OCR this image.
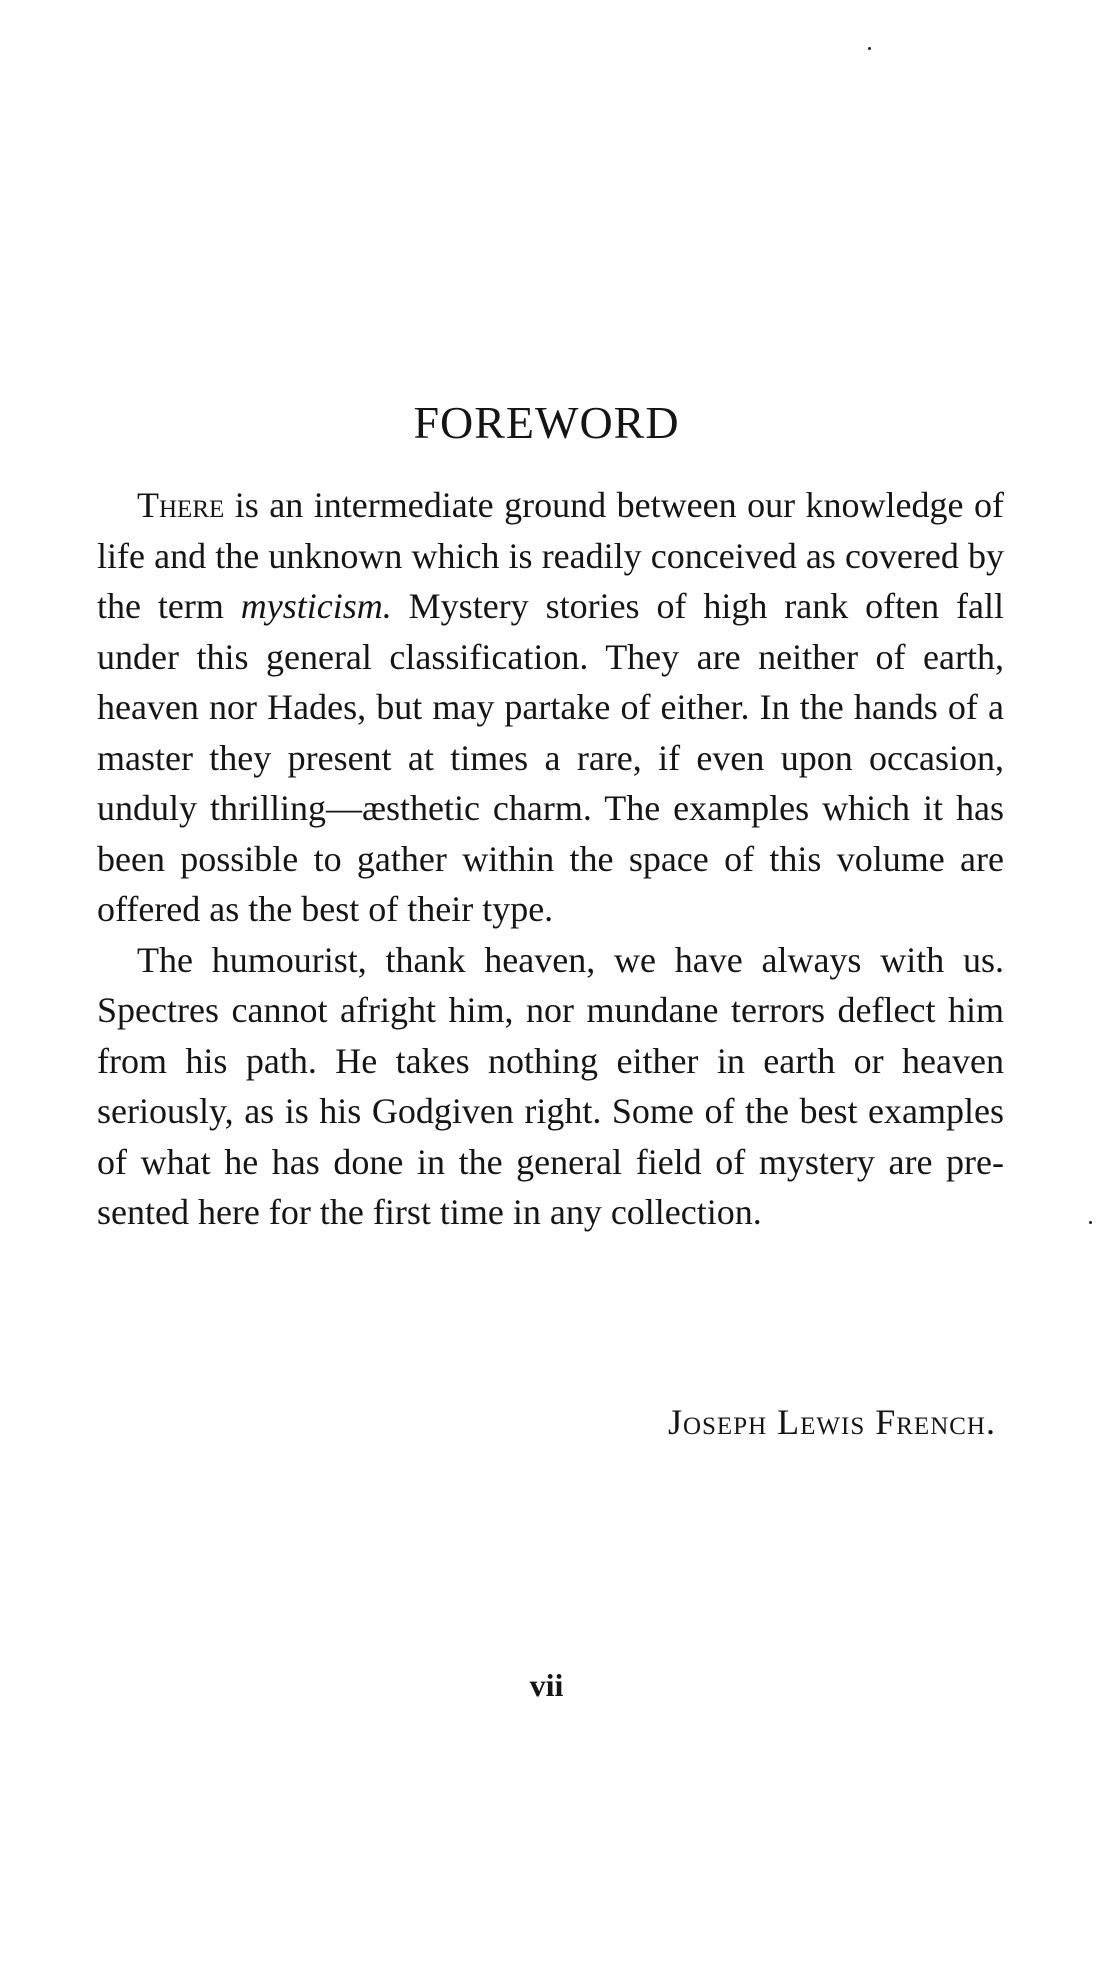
FOREWORD

There is an intermediate ground between our knowledge of life and the unknown which is readily conceived as covered by the term mysticism. Mystery stories of high rank often fall under this general classification. They are neither of earth, heaven nor Hades, but may partake of either. In the hands of a master they present at times a rare, if even upon occasion, unduly thrilling—æsthetic charm. The examples which it has been possible to gather within the space of this volume are offered as the best of their type.

The humourist, thank heaven, we have always with us. Spectres cannot afright him, nor mundane terrors deflect him from his path. He takes nothing either in earth or heaven seriously, as is his Godgiven right. Some of the best examples of what he has done in the general field of mystery are presented here for the first time in any collection.

Joseph Lewis French.
vii
